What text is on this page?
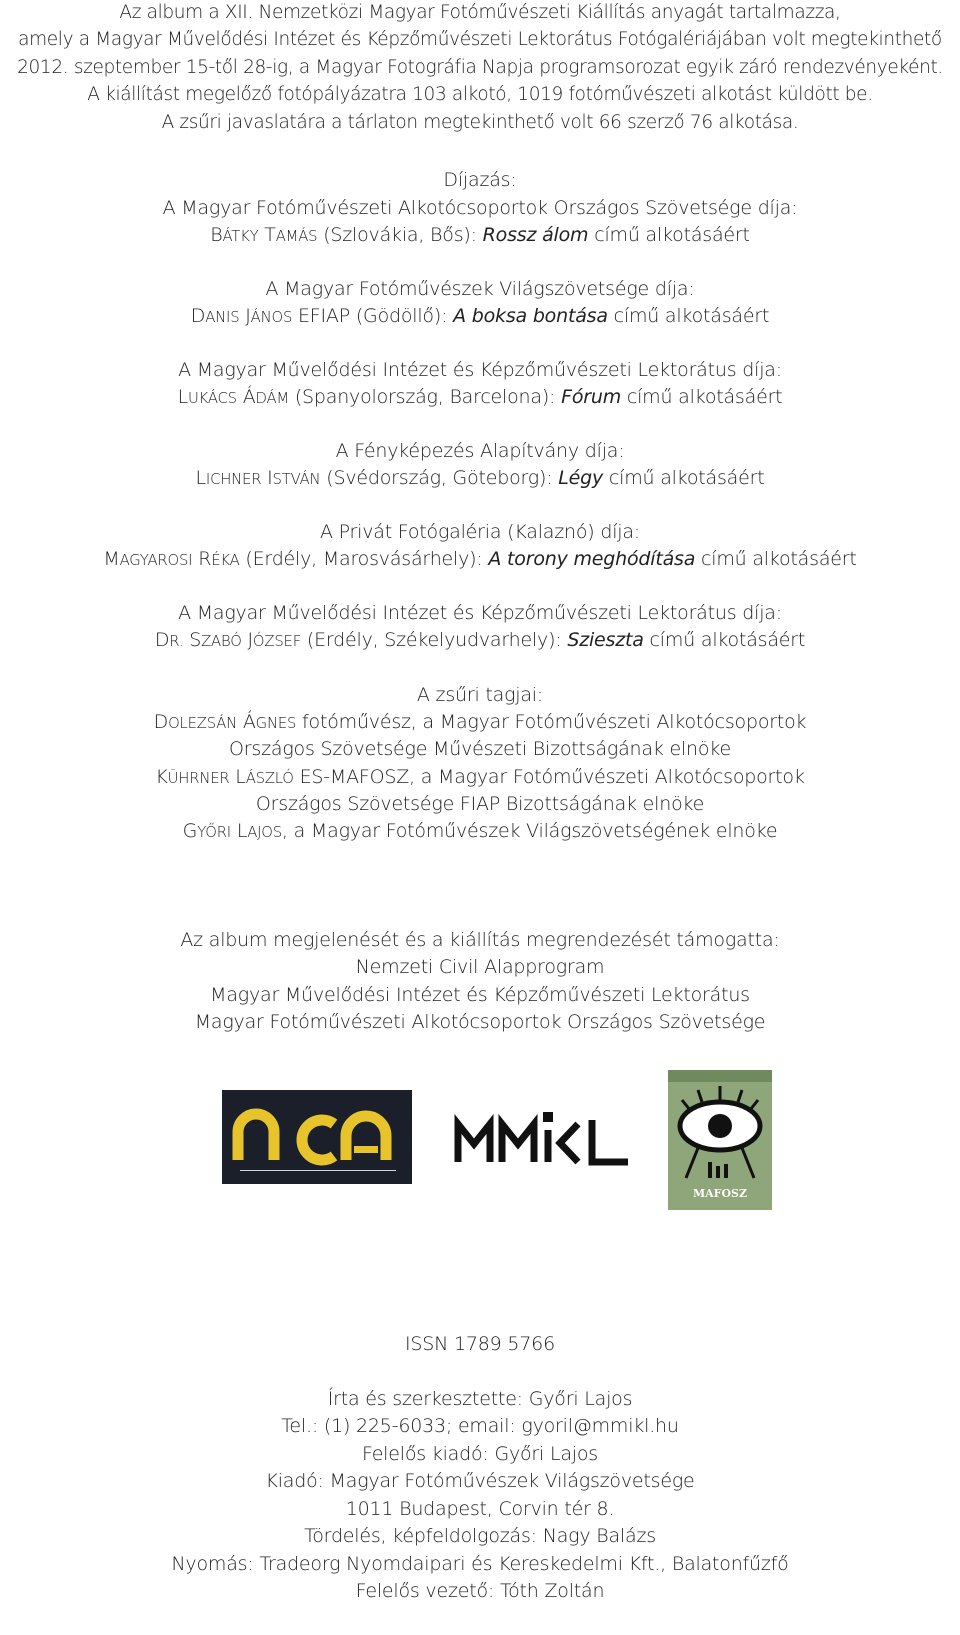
Az album a XII. Nemzetközi Magyar Fotóművészeti Kiállítás anyagát tartalmazza,
amely a Magyar Művelődési Intézet és Képzőművészeti Lektorátus Fotógalériájában volt megtekinthető
2012. szeptember 15-től 28-ig, a Magyar Fotográfia Napja programsorozat egyik záró rendezvényeként.
A kiállítást megelőző fotópályázatra 103 alkotó, 1019 fotóművészeti alkotást küldött be.
A zsűri javaslatára a tárlaton megtekinthető volt 66 szerző 76 alkotása.
Díjazás:
A Magyar Fotóművészeti Alkotócsoportok Országos Szövetsége díja:
BÁTKY TAMÁS (Szlovákia, Bős): Rossz álom című alkotásáért
A Magyar Fotóművészek Világszövetsége díja:
DANIS JÁNOS EFIAP (Gödöllő): A boksa bontása című alkotásáért
A Magyar Művelődési Intézet és Képzőművészeti Lektorátus díja:
LUKÁCS ÁDÁM (Spanyolország, Barcelona): Fórum című alkotásáért
A Fényképezés Alapítvány díja:
LICHNER ISTVÁN (Svédország, Göteborg): Légy című alkotásáért
A Privát Fotógaléria (Kalaznó) díja:
MAGYAROSI RÉKA (Erdély, Marosvásárhely): A torony meghódítása című alkotásáért
A Magyar Művelődési Intézet és Képzőművészeti Lektorátus díja:
DR. SZABÓ JÓZSEF (Erdély, Székelyudvarhely): Szieszta című alkotásáért
A zsűri tagjai:
DOLEZSÁN ÁGNES fotóművész, a Magyar Fotóművészeti Alkotócsoportok
Országos Szövetsége Művészeti Bizottságának elnöke
KÜHRNER LÁSZLÓ ES-MAFOSZ, a Magyar Fotóművészeti Alkotócsoportok
Országos Szövetsége FIAP Bizottságának elnöke
GYŐRI LAJOS, a Magyar Fotóművészek Világszövetségének elnöke
Az album megjelenését és a kiállítás megrendezését támogatta:
Nemzeti Civil Alapprogram
Magyar Művelődési Intézet és Képzőművészeti Lektorátus
Magyar Fotóművészeti Alkotócsoportok Országos Szövetsége
MAFOSZ
ISSN 1789 5766
Írta és szerkesztette: Győri Lajos
Tel.: (1) 225-6033; email: gyoril@mmikl.hu
Felelős kiadó: Győri Lajos
Kiadó: Magyar Fotóművészek Világszövetsége
1011 Budapest, Corvin tér 8.
Tördelés, képfeldolgozás: Nagy Balázs
Nyomás: Tradeorg Nyomdaipari és Kereskedelmi Kft., Balatonfűzfő
Felelős vezető: Tóth Zoltán
